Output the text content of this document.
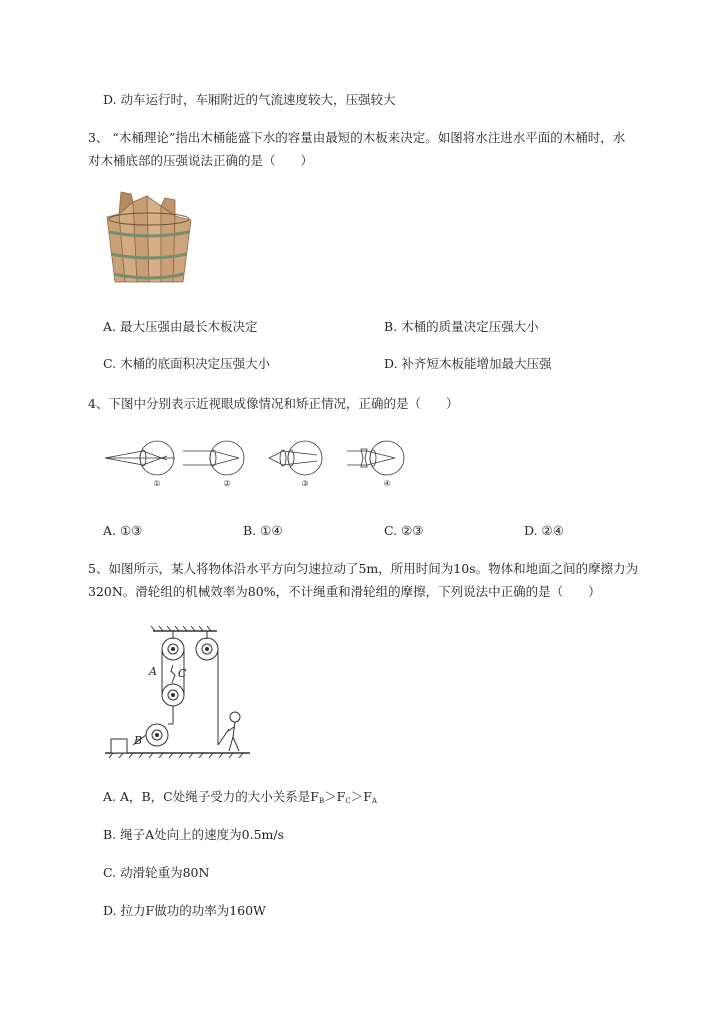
D. 动车运行时，车厢附近的气流速度较大，压强较大
3、 “木桶理论”指出木桶能盛下水的容量由最短的木板来决定。如图将水注进水平面的木桶时，水
对木桶底部的压强说法正确的是（　　）
A. 最大压强由最长木板决定	B. 木桶的质量决定压强大小
C. 木桶的底面积决定压强大小	D. 补齐短木板能增加最大压强
4、下图中分别表示近视眼成像情况和矫正情况，正确的是（　　）
①	②	③	④
A. ①③	B. ①④	C. ②③	D. ②④
5、如图所示，某人将物体沿水平方向匀速拉动了5m，所用时间为10s。物体和地面之间的摩擦力为
320N。滑轮组的机械效率为80%，不计绳重和滑轮组的摩擦，下列说法中正确的是（　　）
A C
B
A. A，B，C处绳子受力的大小关系是$F_B>F_C>F_A$
B. 绳子A处向上的速度为0.5m/s
C. 动滑轮重为80N
D. 拉力F做功的功率为160W
